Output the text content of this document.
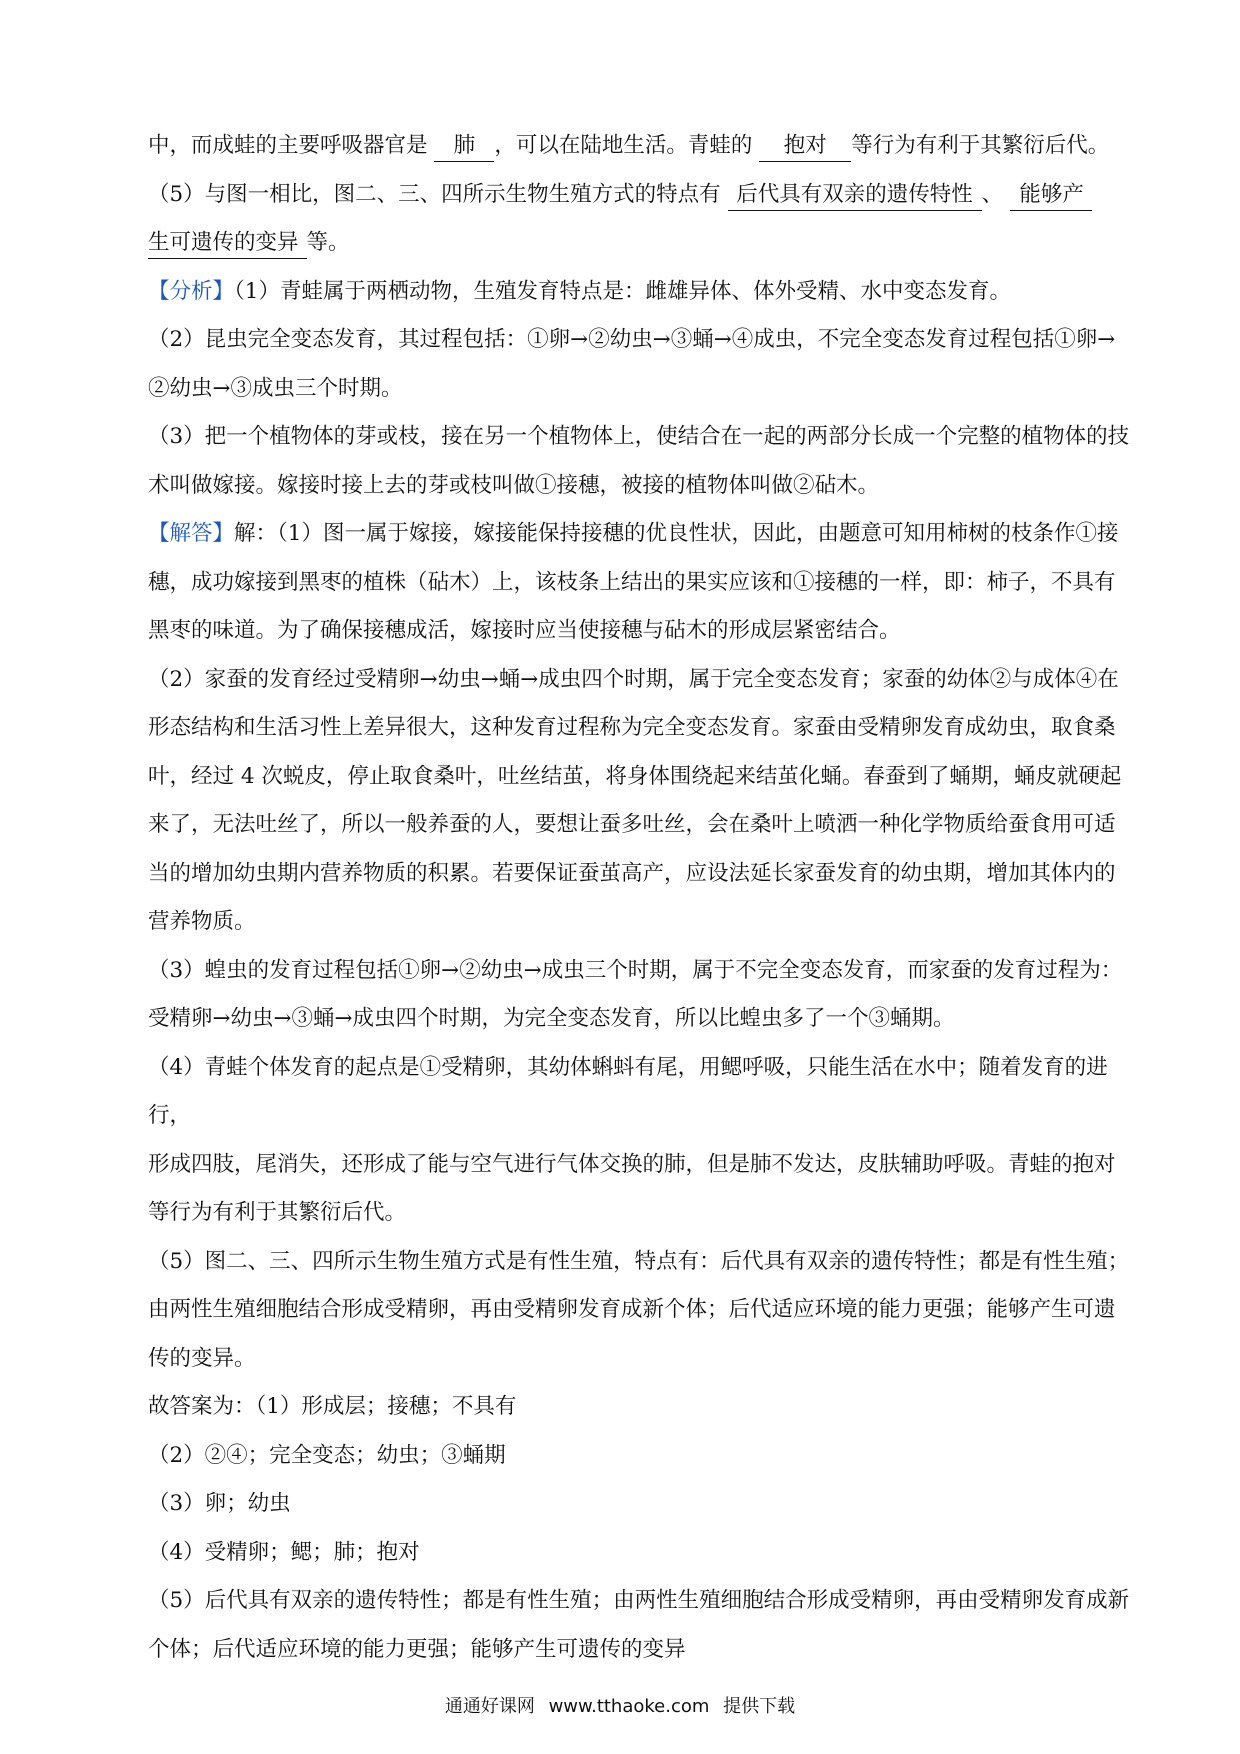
中，而成蛙的主要呼吸器官是 肺 ，可以在陆地生活。青蛙的 抱对 等行为有利于其繁衍后代。

（5）与图一相比，图二、三、四所示生物生殖方式的特点有 后代具有双亲的遗传特性 、 能够产
生可遗传的变异 等。

【分析】（1）青蛙属于两栖动物，生殖发育特点是：雌雄异体、体外受精、水中变态发育。

（2）昆虫完全变态发育，其过程包括：①卵→②幼虫→③蛹→④成虫，不完全变态发育过程包括①卵→
②幼虫→③成虫三个时期。

（3）把一个植物体的芽或枝，接在另一个植物体上，使结合在一起的两部分长成一个完整的植物体的技
术叫做嫁接。嫁接时接上去的芽或枝叫做①接穗，被接的植物体叫做②砧木。

【解答】解：（1）图一属于嫁接，嫁接能保持接穗的优良性状，因此，由题意可知用柿树的枝条作①接
穗，成功嫁接到黑枣的植株（砧木）上，该枝条上结出的果实应该和①接穗的一样，即：柿子，不具有
黑枣的味道。为了确保接穗成活，嫁接时应当使接穗与砧木的形成层紧密结合。

（2）家蚕的发育经过受精卵→幼虫→蛹→成虫四个时期，属于完全变态发育；家蚕的幼体②与成体④在
形态结构和生活习性上差异很大，这种发育过程称为完全变态发育。家蚕由受精卵发育成幼虫，取食桑
叶，经过 4 次蜕皮，停止取食桑叶，吐丝结茧，将身体围绕起来结茧化蛹。春蚕到了蛹期，蛹皮就硬起
来了，无法吐丝了，所以一般养蚕的人，要想让蚕多吐丝，会在桑叶上喷洒一种化学物质给蚕食用可适
当的增加幼虫期内营养物质的积累。若要保证蚕茧高产，应设法延长家蚕发育的幼虫期，增加其体内的
营养物质。

（3）蝗虫的发育过程包括①卵→②幼虫→成虫三个时期，属于不完全变态发育，而家蚕的发育过程为：
受精卵→幼虫→③蛹→成虫四个时期，为完全变态发育，所以比蝗虫多了一个③蛹期。

（4）青蛙个体发育的起点是①受精卵，其幼体蝌蚪有尾，用鳃呼吸，只能生活在水中；随着发育的进行，
形成四肢，尾消失，还形成了能与空气进行气体交换的肺，但是肺不发达，皮肤辅助呼吸。青蛙的抱对
等行为有利于其繁衍后代。

（5）图二、三、四所示生物生殖方式是有性生殖，特点有：后代具有双亲的遗传特性；都是有性生殖；
由两性生殖细胞结合形成受精卵，再由受精卵发育成新个体；后代适应环境的能力更强；能够产生可遗
传的变异。

故答案为：（1）形成层；接穗；不具有

（2）②④；完全变态；幼虫；③蛹期

（3）卵；幼虫

（4）受精卵；鳃；肺；抱对

（5）后代具有双亲的遗传特性；都是有性生殖；由两性生殖细胞结合形成受精卵，再由受精卵发育成新
个体；后代适应环境的能力更强；能够产生可遗传的变异

通通好课网 www.tthaoke.com 提供下载
